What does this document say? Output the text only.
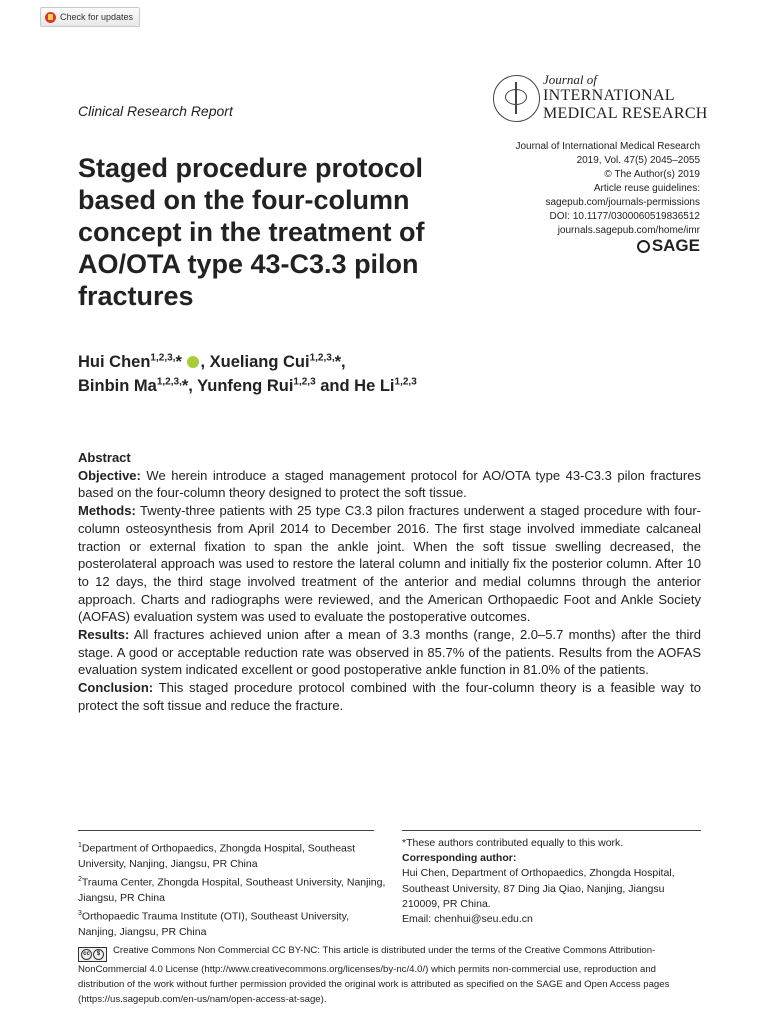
Check for updates
Journal of
INTERNATIONAL
MEDICAL RESEARCH
Clinical Research Report
Staged procedure protocol based on the four-column concept in the treatment of AO/OTA type 43-C3.3 pilon fractures
Journal of International Medical Research
2019, Vol. 47(5) 2045–2055
© The Author(s) 2019
Article reuse guidelines:
sagepub.com/journals-permissions
DOI: 10.1177/0300060519836512
journals.sagepub.com/home/imr
SAGE
Hui Chen$^{1,2,3,}$* , Xueliang Cui$^{1,2,3,}$*,
Binbin $Ma^{1,2,3,}*$, Yunfeng Rui$^{1,2,3}$ and He Li$^{1,2,3}$

Abstract

Objective: We herein introduce a staged management protocol for AO/OTA type 43-C3.3 pilon fractures based on the four-column theory designed to protect the soft tissue.

Methods: Twenty-three patients with 25 type C3.3 pilon fractures underwent a staged procedure with four-column osteosynthesis from April 2014 to December 2016. The first stage involved immediate calcaneal traction or external fixation to span the ankle joint. When the soft tissue swelling decreased, the posterolateral approach was used to restore the lateral column and initially fix the posterior column. After 10 to 12 days, the third stage involved treatment of the anterior and medial columns through the anterior approach. Charts and radiographs were reviewed, and the American Orthopaedic Foot and Ankle Society (AOFAS) evaluation system was used to evaluate the postoperative outcomes.

Results: All fractures achieved union after a mean of 3.3 months (range, 2.0–5.7 months) after the third stage. A good or acceptable reduction rate was observed in 85.7% of the patients. Results from the AOFAS evaluation system indicated excellent or good postoperative ankle function in 81.0% of the patients.

Conclusion: This staged procedure protocol combined with the four-column theory is a feasible way to protect the soft tissue and reduce the fracture.

$^1$Department of Orthopaedics, Zhongda Hospital, Southeast University, Nanjing, Jiangsu, PR China

$^2$Trauma Center, Zhongda Hospital, Southeast University, Nanjing, Jiangsu, PR China

$^3$Orthopaedic Trauma Institute (OTI), Southeast University, Nanjing, Jiangsu, PR China

*These authors contributed equally to this work.

Corresponding author:

Hui Chen, Department of Orthopaedics, Zhongda Hospital, Southeast University, 87 Ding Jia Qiao, Nanjing, Jiangsu 210009, PR China.

Email: chenhui@seu.edu.cn

cc	$	Creative Commons Non Commercial CC BY-NC: This article is distributed under the terms of the Creative Commons Attribution-NonCommercial 4.0 License (http://www.creativecommons.org/licenses/by-nc/4.0/) which permits non-commercial use, reproduction and distribution of the work without further permission provided the original work is attributed as specified on the SAGE and Open Access pages (https://us.sagepub.com/en-us/nam/open-access-at-sage).
